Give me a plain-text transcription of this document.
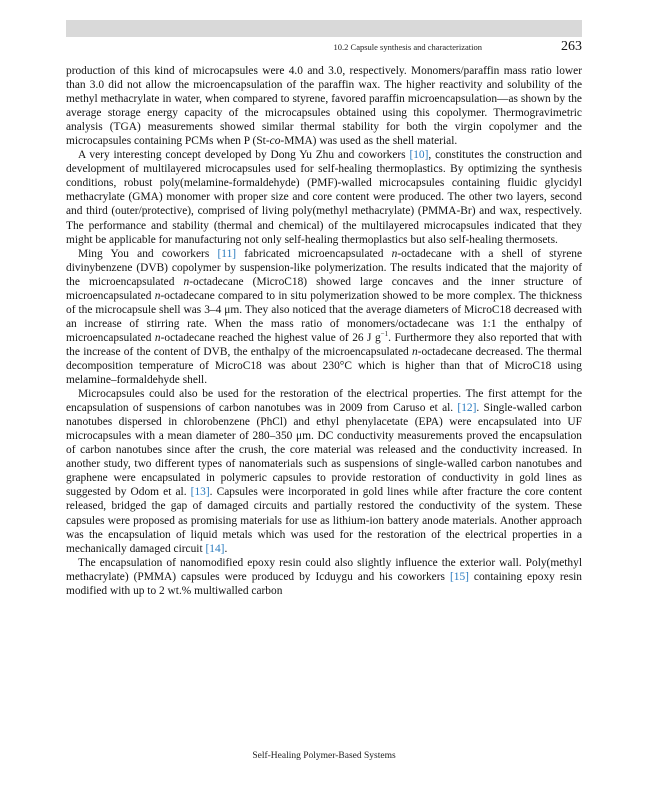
10.2 Capsule synthesis and characterization	263

production of this kind of microcapsules were 4.0 and 3.0, respectively. Monomers/paraffin mass ratio lower than 3.0 did not allow the microencapsulation of the paraffin wax. The higher reactivity and solubility of the methyl methacrylate in water, when compared to styrene, favored paraffin microencapsulation—as shown by the average storage energy capacity of the microcapsules obtained using this copolymer. Thermogravimetric analysis (TGA) measurements showed similar thermal stability for both the virgin copolymer and the microcapsules containing PCMs when P (St-co-MMA) was used as the shell material.

A very interesting concept developed by Dong Yu Zhu and coworkers [10], constitutes the construction and development of multilayered microcapsules used for self-healing thermoplastics. By optimizing the synthesis conditions, robust poly(melamine-formaldehyde) (PMF)-walled microcapsules containing fluidic glycidyl methacrylate (GMA) monomer with proper size and core content were produced. The other two layers, second and third (outer/protective), comprised of living poly(methyl methacrylate) (PMMA-Br) and wax, respectively. The performance and stability (thermal and chemical) of the multilayered microcapsules indicated that they might be applicable for manufacturing not only self-healing thermoplastics but also self-healing thermosets.

Ming You and coworkers [11] fabricated microencapsulated n-octadecane with a shell of styrene divinybenzene (DVB) copolymer by suspension-like polymerization. The results indicated that the majority of the microencapsulated n-octadecane (MicroC18) showed large concaves and the inner structure of microencapsulated n-octadecane compared to in situ polymerization showed to be more complex. The thickness of the microcapsule shell was 3–4 μm. They also noticed that the average diameters of MicroC18 decreased with an increase of stirring rate. When the mass ratio of monomers/octadecane was 1:1 the enthalpy of microencapsulated n-octadecane reached the highest value of 26 J $g^{-1}$. Furthermore they also reported that with the increase of the content of DVB, the enthalpy of the microencapsulated n-octadecane decreased. The thermal decomposition temperature of MicroC18 was about 230°C which is higher than that of MicroC18 using melamine–formaldehyde shell.

Microcapsules could also be used for the restoration of the electrical properties. The first attempt for the encapsulation of suspensions of carbon nanotubes was in 2009 from Caruso et al. [12]. Single-walled carbon nanotubes dispersed in chlorobenzene (PhCl) and ethyl phenylacetate (EPA) were encapsulated into UF microcapsules with a mean diameter of 280–350 μm. DC conductivity measurements proved the encapsulation of carbon nanotubes since after the crush, the core material was released and the conductivity increased. In another study, two different types of nanomaterials such as suspensions of single-walled carbon nanotubes and graphene were encapsulated in polymeric capsules to provide restoration of conductivity in gold lines as suggested by Odom et al. [13]. Capsules were incorporated in gold lines while after fracture the core content released, bridged the gap of damaged circuits and partially restored the conductivity of the system. These capsules were proposed as promising materials for use as lithium-ion battery anode materials. Another approach was the encapsulation of liquid metals which was used for the restoration of the electrical properties in a mechanically damaged circuit [14].

The encapsulation of nanomodified epoxy resin could also slightly influence the exterior wall. Poly(methyl methacrylate) (PMMA) capsules were produced by Icduygu and his coworkers [15] containing epoxy resin modified with up to 2 wt.% multiwalled carbon

Self-Healing Polymer-Based Systems
